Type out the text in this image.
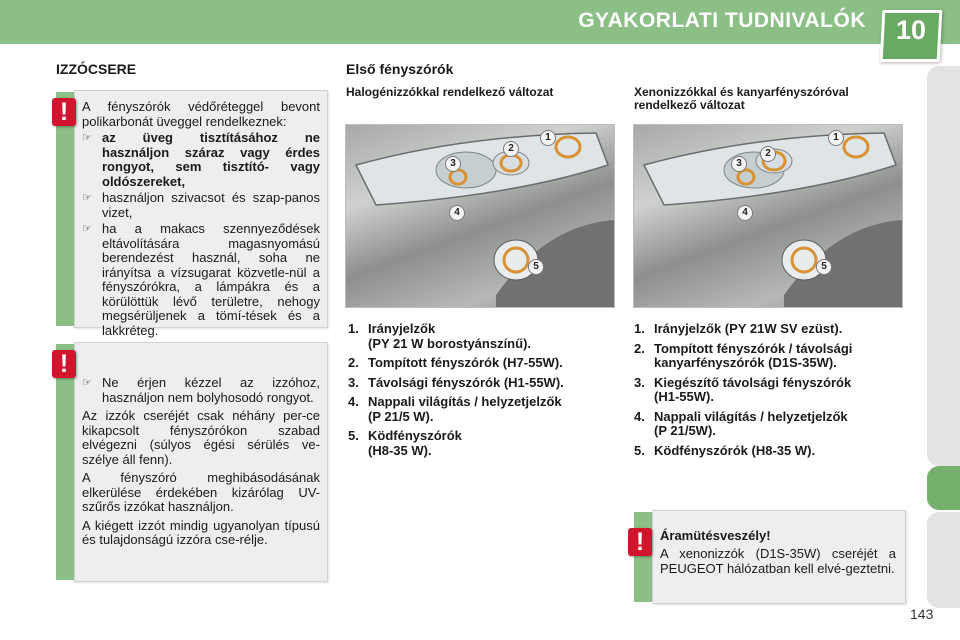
GYAKORLATI TUDNIVALÓK	10
IZZÓCSERE
!	A fényszórók védőréteggel bevont polikarbonát üveggel rendelkeznek:
☞ az üveg tisztításához ne használjon száraz vagy érdes rongyot, sem tisztító- vagy oldószereket,
☞ használjon szivacsot és szap-panos vizet,
☞ ha a makacs szennyeződések eltávolítására magasnyomású berendezést használ, soha ne irányítsa a vízsugarat közvetle-nül a fényszórókra, a lámpákra és a körülöttük lévő területre, nehogy megsérüljenek a tömí-tések és a lakkréteg.
!
☞ Ne érjen kézzel az izzóhoz, használjon nem bolyhosodó rongyot.
Az izzók cseréjét csak néhány per-ce kikapcsolt fényszórókon szabad elvégezni (súlyos égési sérülés ve-szélye áll fenn).
A fényszóró meghibásodásának elkerülése érdekében kizárólag UV-szűrős izzókat használjon.
A kiégett izzót mindig ugyanolyan típusú és tulajdonságú izzóra cse-rélje.
Első fényszórók
Halogénizzókkal rendelkező változat	Xenonizzókkal és kanyarfényszóróval rendelkező változat
1
2
3
4
5
1
2
3
4
5
1. Irányjelzők
(PY 21 W borostyánszínű).
2. Tompított fényszórók (H7-55W).
3. Távolsági fényszórók (H1-55W).
4. Nappali világítás / helyzetjelzők
(P 21/5 W).
5. Ködfényszórók
(H8-35 W).
1. Irányjelzők (PY 21W SV ezüst).
2. Tompított fényszórók / távolsági kanyarfényszórók (D1S-35W).
3. Kiegészítő távolsági fényszórók
(H1-55W).
4. Nappali világítás / helyzetjelzők
(P 21/5W).
5. Ködfényszórók (H8-35 W).
!	Áramütésveszély!
A xenonizzók (D1S-35W) cseréjét a PEUGEOT hálózatban kell elvé-geztetni.
143
